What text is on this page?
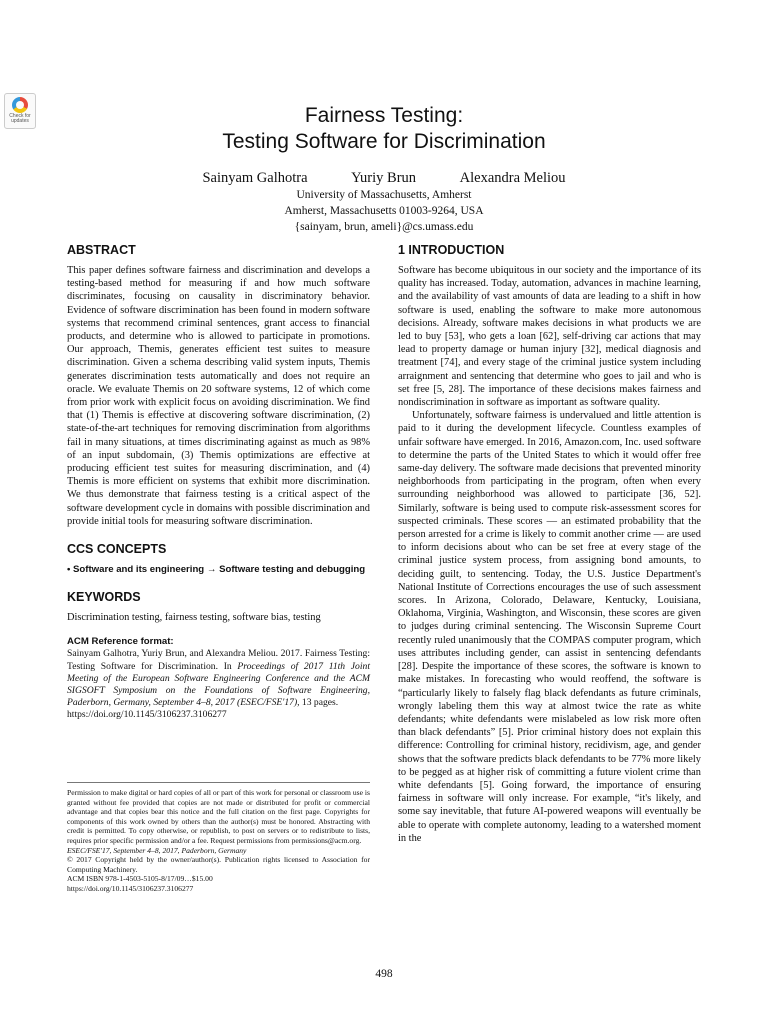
Check for
updates	Fairness Testing:
Testing Software for Discrimination
Sainyam Galhotra	Yuriy Brun	Alexandra Meliou
University of Massachusetts, Amherst
Amherst, Massachusetts 01003-9264, USA
{sainyam, brun, ameli}@cs.umass.edu
ABSTRACT

This paper defines software fairness and discrimination and develops a testing-based method for measuring if and how much software discriminates, focusing on causality in discriminatory behavior. Evidence of software discrimination has been found in modern software systems that recommend criminal sentences, grant access to financial products, and determine who is allowed to participate in promotions. Our approach, Themis, generates efficient test suites to measure discrimination. Given a schema describing valid system inputs, Themis generates discrimination tests automatically and does not require an oracle. We evaluate Themis on 20 software systems, 12 of which come from prior work with explicit focus on avoiding discrimination. We find that (1) Themis is effective at discovering software discrimination, (2) state-of-the-art techniques for removing discrimination from algorithms fail in many situations, at times discriminating against as much as 98% of an input subdomain, (3) Themis optimizations are effective at producing efficient test suites for measuring discrimination, and (4) Themis is more efficient on systems that exhibit more discrimination. We thus demonstrate that fairness testing is a critical aspect of the software development cycle in domains with possible discrimination and provide initial tools for measuring software discrimination.

CCS CONCEPTS

• Software and its engineering → Software testing and debugging

KEYWORDS

Discrimination testing, fairness testing, software bias, testing

ACM Reference format:

Sainyam Galhotra, Yuriy Brun, and Alexandra Meliou. 2017. Fairness Testing: Testing Software for Discrimination. In Proceedings of 2017 11th Joint Meeting of the European Software Engineering Conference and the ACM SIGSOFT Symposium on the Foundations of Software Engineering, Paderborn, Germany, September 4–8, 2017 (ESEC/FSE'17), 13 pages.
https://doi.org/10.1145/3106237.3106277

Permission to make digital or hard copies of all or part of this work for personal or classroom use is granted without fee provided that copies are not made or distributed for profit or commercial advantage and that copies bear this notice and the full citation on the first page. Copyrights for components of this work owned by others than the author(s) must be honored. Abstracting with credit is permitted. To copy otherwise, or republish, to post on servers or to redistribute to lists, requires prior specific permission and/or a fee. Request permissions from permissions@acm.org.

ESEC/FSE'17, September 4–8, 2017, Paderborn, Germany

© 2017 Copyright held by the owner/author(s). Publication rights licensed to Association for Computing Machinery.

ACM ISBN 978-1-4503-5105-8/17/09…$15.00

https://doi.org/10.1145/3106237.3106277

1 INTRODUCTION

Software has become ubiquitous in our society and the importance of its quality has increased. Today, automation, advances in machine learning, and the availability of vast amounts of data are leading to a shift in how software is used, enabling the software to make more autonomous decisions. Already, software makes decisions in what products we are led to buy [53], who gets a loan [62], self-driving car actions that may lead to property damage or human injury [32], medical diagnosis and treatment [74], and every stage of the criminal justice system including arraignment and sentencing that determine who goes to jail and who is set free [5, 28]. The importance of these decisions makes fairness and nondiscrimination in software as important as software quality.

Unfortunately, software fairness is undervalued and little attention is paid to it during the development lifecycle. Countless examples of unfair software have emerged. In 2016, Amazon.com, Inc. used software to determine the parts of the United States to which it would offer free same-day delivery. The software made decisions that prevented minority neighborhoods from participating in the program, often when every surrounding neighborhood was allowed to participate [36, 52]. Similarly, software is being used to compute risk-assessment scores for suspected criminals. These scores — an estimated probability that the person arrested for a crime is likely to commit another crime — are used to inform decisions about who can be set free at every stage of the criminal justice system process, from assigning bond amounts, to deciding guilt, to sentencing. Today, the U.S. Justice Department's National Institute of Corrections encourages the use of such assessment scores. In Arizona, Colorado, Delaware, Kentucky, Louisiana, Oklahoma, Virginia, Washington, and Wisconsin, these scores are given to judges during criminal sentencing. The Wisconsin Supreme Court recently ruled unanimously that the COMPAS computer program, which uses attributes including gender, can assist in sentencing defendants [28]. Despite the importance of these scores, the software is known to make mistakes. In forecasting who would reoffend, the software is “particularly likely to falsely flag black defendants as future criminals, wrongly labeling them this way at almost twice the rate as white defendants; white defendants were mislabeled as low risk more often than black defendants” [5]. Prior criminal history does not explain this difference: Controlling for criminal history, recidivism, age, and gender shows that the software predicts black defendants to be 77% more likely to be pegged as at higher risk of committing a future violent crime than white defendants [5]. Going forward, the importance of ensuring fairness in software will only increase. For example, “it's likely, and some say inevitable, that future AI-powered weapons will eventually be able to operate with complete autonomy, leading to a watershed moment in the

498
